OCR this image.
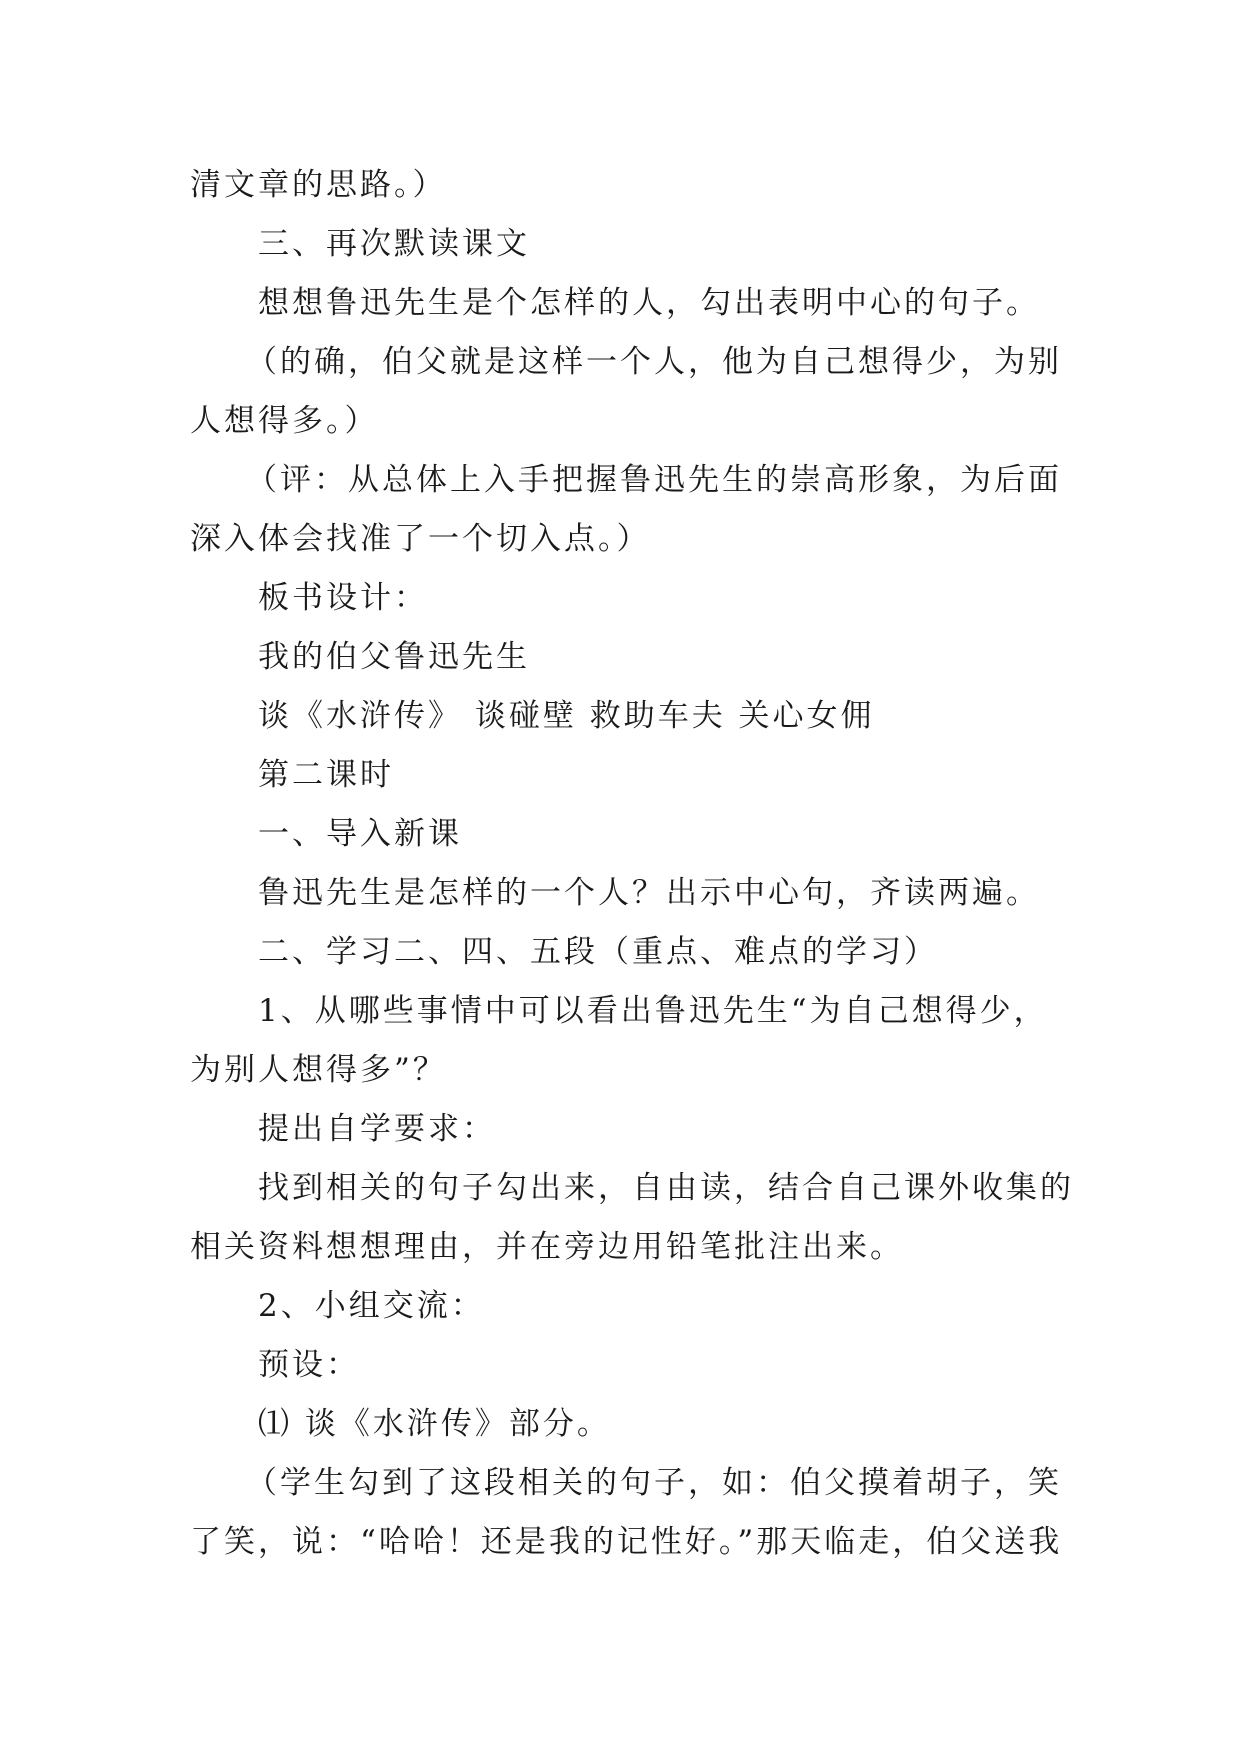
清文章的思路。）
三、再次默读课文
想想鲁迅先生是个怎样的人，勾出表明中心的句子。
（的确，伯父就是这样一个人，他为自己想得少，为别
人想得多。）
（评：从总体上入手把握鲁迅先生的崇高形象，为后面
深入体会找准了一个切入点。）
板书设计：
我的伯父鲁迅先生
谈《水浒传》 谈碰壁 救助车夫 关心女佣
第二课时
一、导入新课
鲁迅先生是怎样的一个人？出示中心句，齐读两遍。
二、学习二、四、五段（重点、难点的学习）
1、从哪些事情中可以看出鲁迅先生“为自己想得少，
为别人想得多”？
提出自学要求：
找到相关的句子勾出来，自由读，结合自己课外收集的
相关资料想想理由，并在旁边用铅笔批注出来。
2、小组交流：
预设：
⑴ 谈《水浒传》部分。
（学生勾到了这段相关的句子，如：伯父摸着胡子，笑
了笑，说：“哈哈！还是我的记性好。”那天临走，伯父送我
